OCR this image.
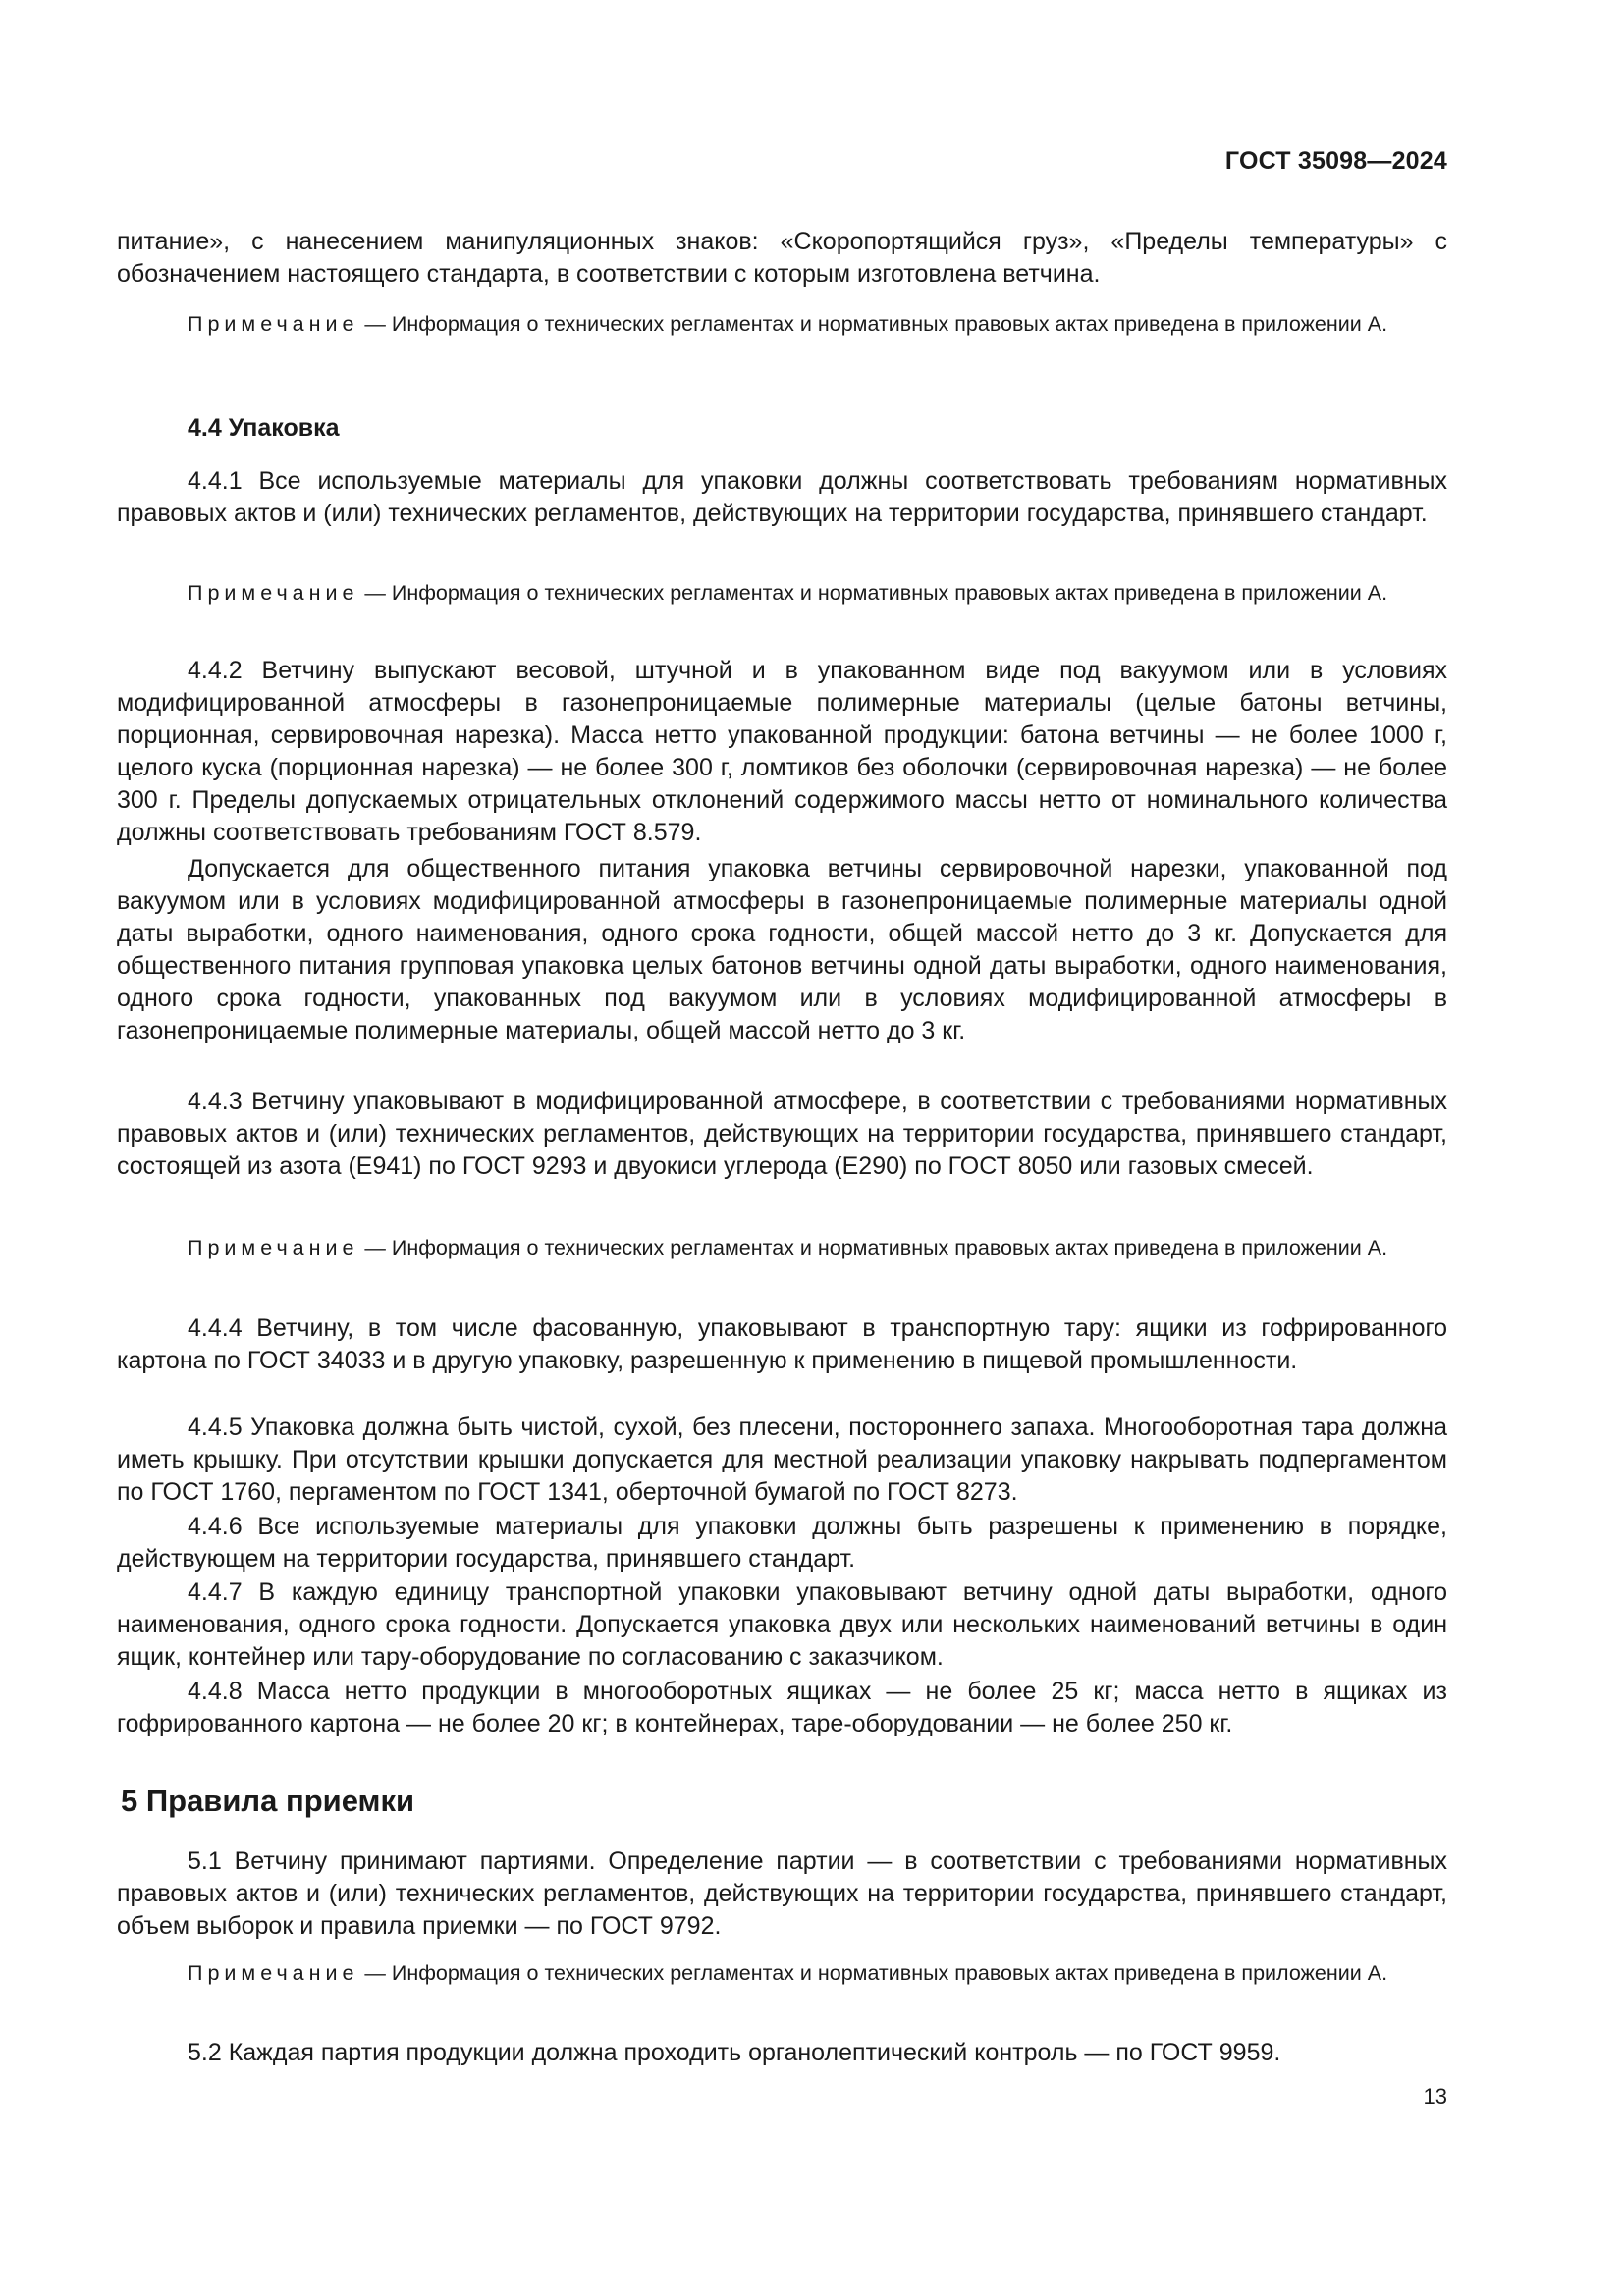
ГОСТ 35098—2024

питание», с нанесением манипуляционных знаков: «Скоропортящийся груз», «Пределы температуры» с обозначением настоящего стандарта, в соответствии с которым изготовлена ветчина.

Примечание — Информация о технических регламентах и нормативных правовых актах приведена в приложении А.

4.4 Упаковка

4.4.1 Все используемые материалы для упаковки должны соответствовать требованиям нормативных правовых актов и (или) технических регламентов, действующих на территории государства, принявшего стандарт.

Примечание — Информация о технических регламентах и нормативных правовых актах приведена в приложении А.

4.4.2 Ветчину выпускают весовой, штучной и в упакованном виде под вакуумом или в условиях модифицированной атмосферы в газонепроницаемые полимерные материалы (целые батоны ветчины, порционная, сервировочная нарезка). Масса нетто упакованной продукции: батона ветчины — не более 1000 г, целого куска (порционная нарезка) — не более 300 г, ломтиков без оболочки (сервировочная нарезка) — не более 300 г. Пределы допускаемых отрицательных отклонений содержимого массы нетто от номинального количества должны соответствовать требованиям ГОСТ 8.579.

Допускается для общественного питания упаковка ветчины сервировочной нарезки, упакованной под вакуумом или в условиях модифицированной атмосферы в газонепроницаемые полимерные материалы одной даты выработки, одного наименования, одного срока годности, общей массой нетто до 3 кг. Допускается для общественного питания групповая упаковка целых батонов ветчины одной даты выработки, одного наименования, одного срока годности, упакованных под вакуумом или в условиях модифицированной атмосферы в газонепроницаемые полимерные материалы, общей массой нетто до 3 кг.

4.4.3 Ветчину упаковывают в модифицированной атмосфере, в соответствии с требованиями нормативных правовых актов и (или) технических регламентов, действующих на территории государства, принявшего стандарт, состоящей из азота (Е941) по ГОСТ 9293 и двуокиси углерода (Е290) по ГОСТ 8050 или газовых смесей.

Примечание — Информация о технических регламентах и нормативных правовых актах приведена в приложении А.

4.4.4 Ветчину, в том числе фасованную, упаковывают в транспортную тару: ящики из гофрированного картона по ГОСТ 34033 и в другую упаковку, разрешенную к применению в пищевой промышленности.

4.4.5 Упаковка должна быть чистой, сухой, без плесени, постороннего запаха. Многооборотная тара должна иметь крышку. При отсутствии крышки допускается для местной реализации упаковку накрывать подпергаментом по ГОСТ 1760, пергаментом по ГОСТ 1341, оберточной бумагой по ГОСТ 8273.

4.4.6 Все используемые материалы для упаковки должны быть разрешены к применению в порядке, действующем на территории государства, принявшего стандарт.

4.4.7 В каждую единицу транспортной упаковки упаковывают ветчину одной даты выработки, одного наименования, одного срока годности. Допускается упаковка двух или нескольких наименований ветчины в один ящик, контейнер или тару-оборудование по согласованию с заказчиком.

4.4.8 Масса нетто продукции в многооборотных ящиках — не более 25 кг; масса нетто в ящиках из гофрированного картона — не более 20 кг; в контейнерах, таре-оборудовании — не более 250 кг.

5 Правила приемки

5.1 Ветчину принимают партиями. Определение партии — в соответствии с требованиями нормативных правовых актов и (или) технических регламентов, действующих на территории государства, принявшего стандарт, объем выборок и правила приемки — по ГОСТ 9792.

Примечание — Информация о технических регламентах и нормативных правовых актах приведена в приложении А.

5.2 Каждая партия продукции должна проходить органолептический контроль — по ГОСТ 9959.

13
